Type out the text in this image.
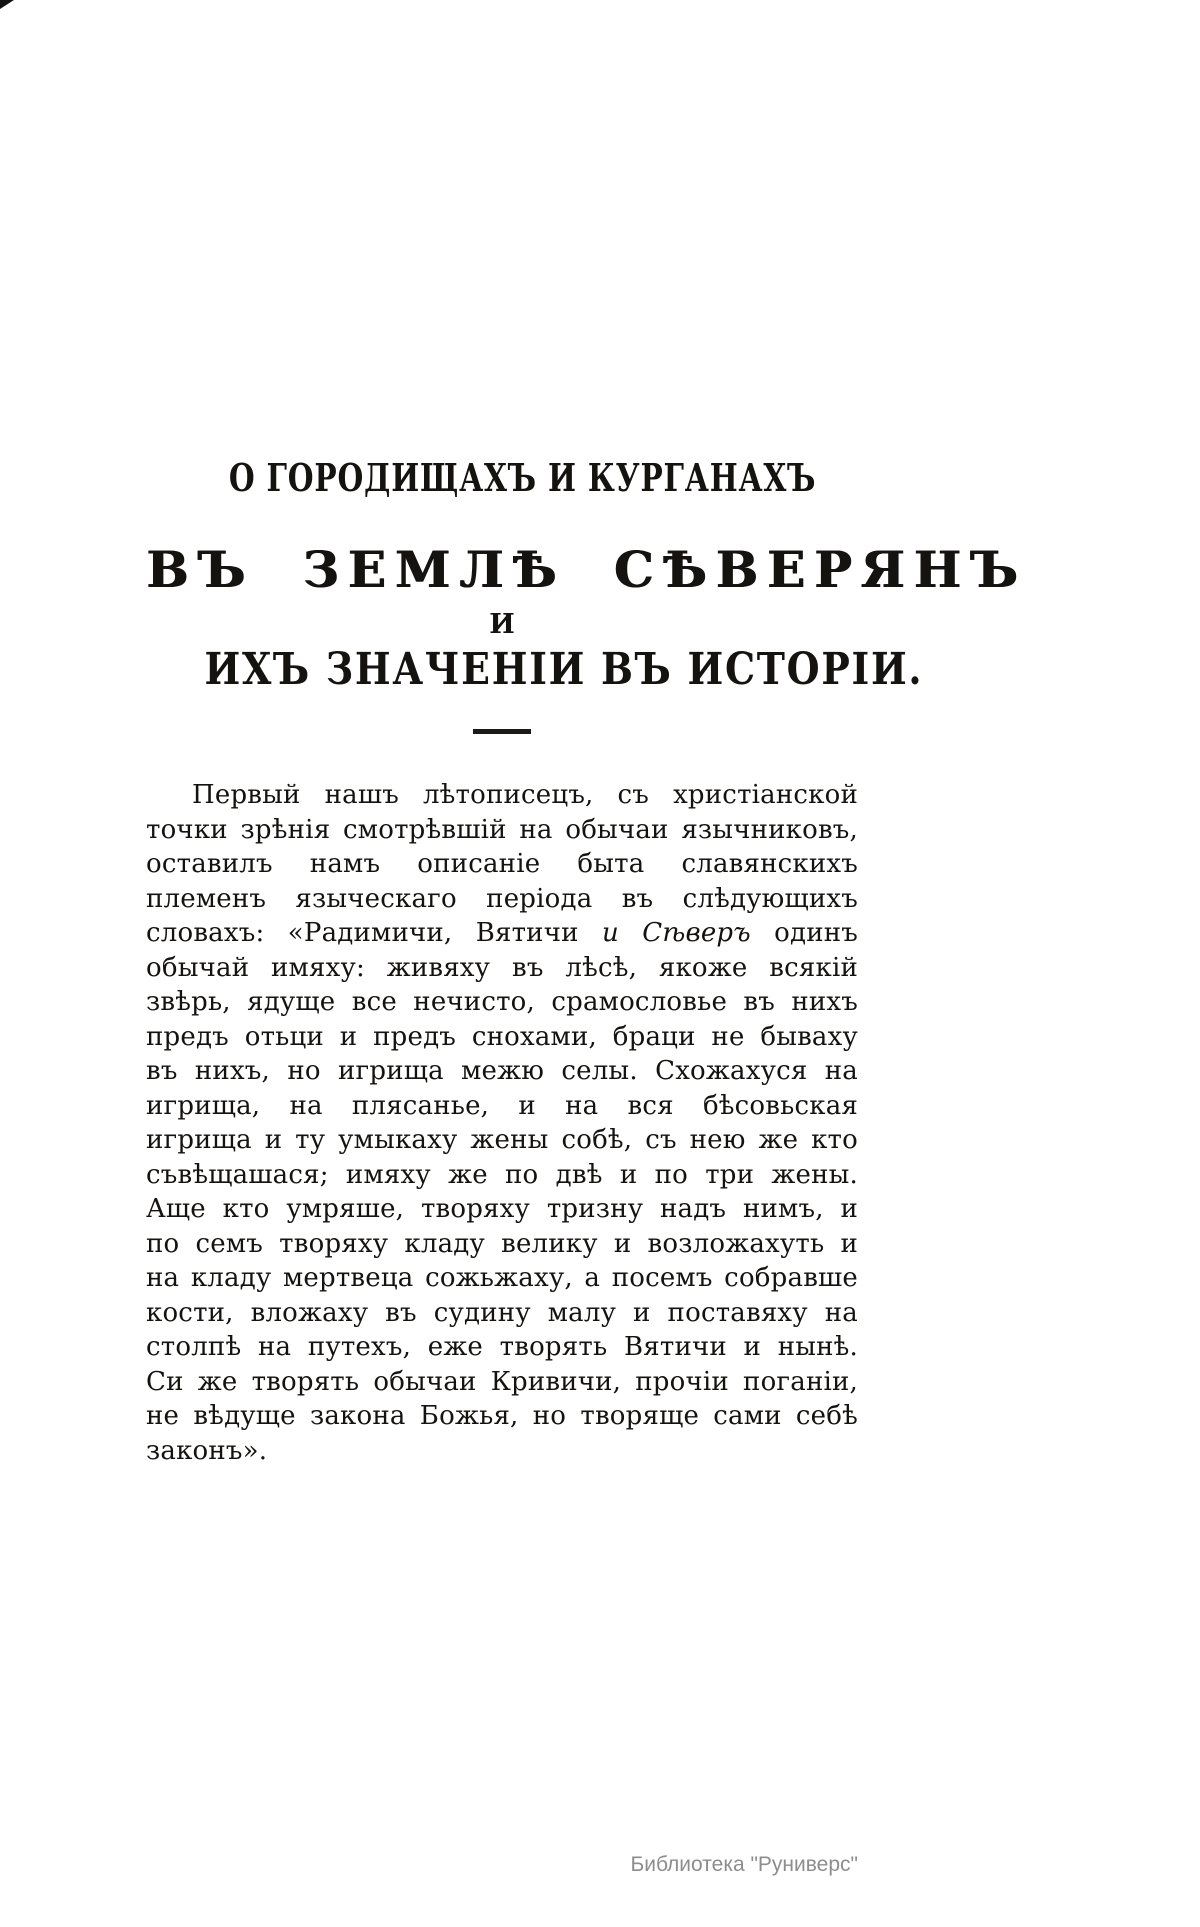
О ГОРОДИЩАХЪ И КУРГАНАХЪ
ВЪ ЗЕМЛѢ СѢВЕРЯНЪ
И
ИХЪ ЗНАЧЕНІИ ВЪ ИСТОРІИ.

Первый нашъ лѣтописецъ, съ христіанской точки зрѣнія смотрѣвшій на обычаи язычниковъ, оставилъ намъ описаніе быта славянскихъ племенъ языческаго періода въ слѣдующихъ словахъ: «Радимичи, Вятичи и Сѣверъ одинъ обычай имяху: живяху въ лѣсѣ, якоже всякій звѣрь, ядуще все нечисто, срамословье въ нихъ предъ отьци и предъ снохами, браци не бываху въ нихъ, но игрища межю селы. Схожахуся на игрища, на плясанье, и на вся бѣсовьская игрища и ту умыкаху жены собѣ, съ нею же кто съвѣщашася; имяху же по двѣ и по три жены. Аще кто умряше, творяху тризну надъ нимъ, и по семъ творяху кладу велику и возложахуть и на кладу мертвеца сожьжаху, а посемъ собравше кости, вложаху въ судину малу и поставяху на столпѣ на путехъ, еже творять Вятичи и нынѣ. Си же творять обычаи Кривичи, прочіи поганіи, не вѣдуще закона Божья, но творяще сами себѣ законъ».

Библиотека "Руниверс"
